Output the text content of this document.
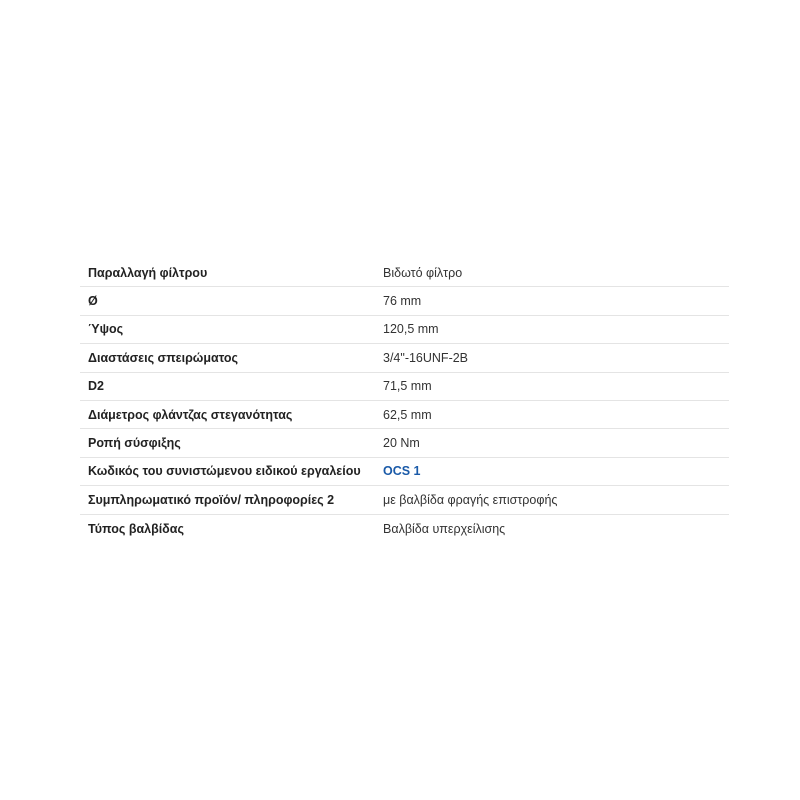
Παραλλαγή φίλτρου	Βιδωτό φίλτρο
Ø	76 mm
Ύψος	120,5 mm
Διαστάσεις σπειρώματος	3/4"-16UNF-2B
D2	71,5 mm
Διάμετρος φλάντζας στεγανότητας	62,5 mm
Ροπή σύσφιξης	20 Nm
Κωδικός του συνιστώμενου ειδικού εργαλείου	OCS 1
Συμπληρωματικό προϊόν/ πληροφορίες 2	με βαλβίδα φραγής επιστροφής
Τύπος βαλβίδας	Βαλβίδα υπερχείλισης
